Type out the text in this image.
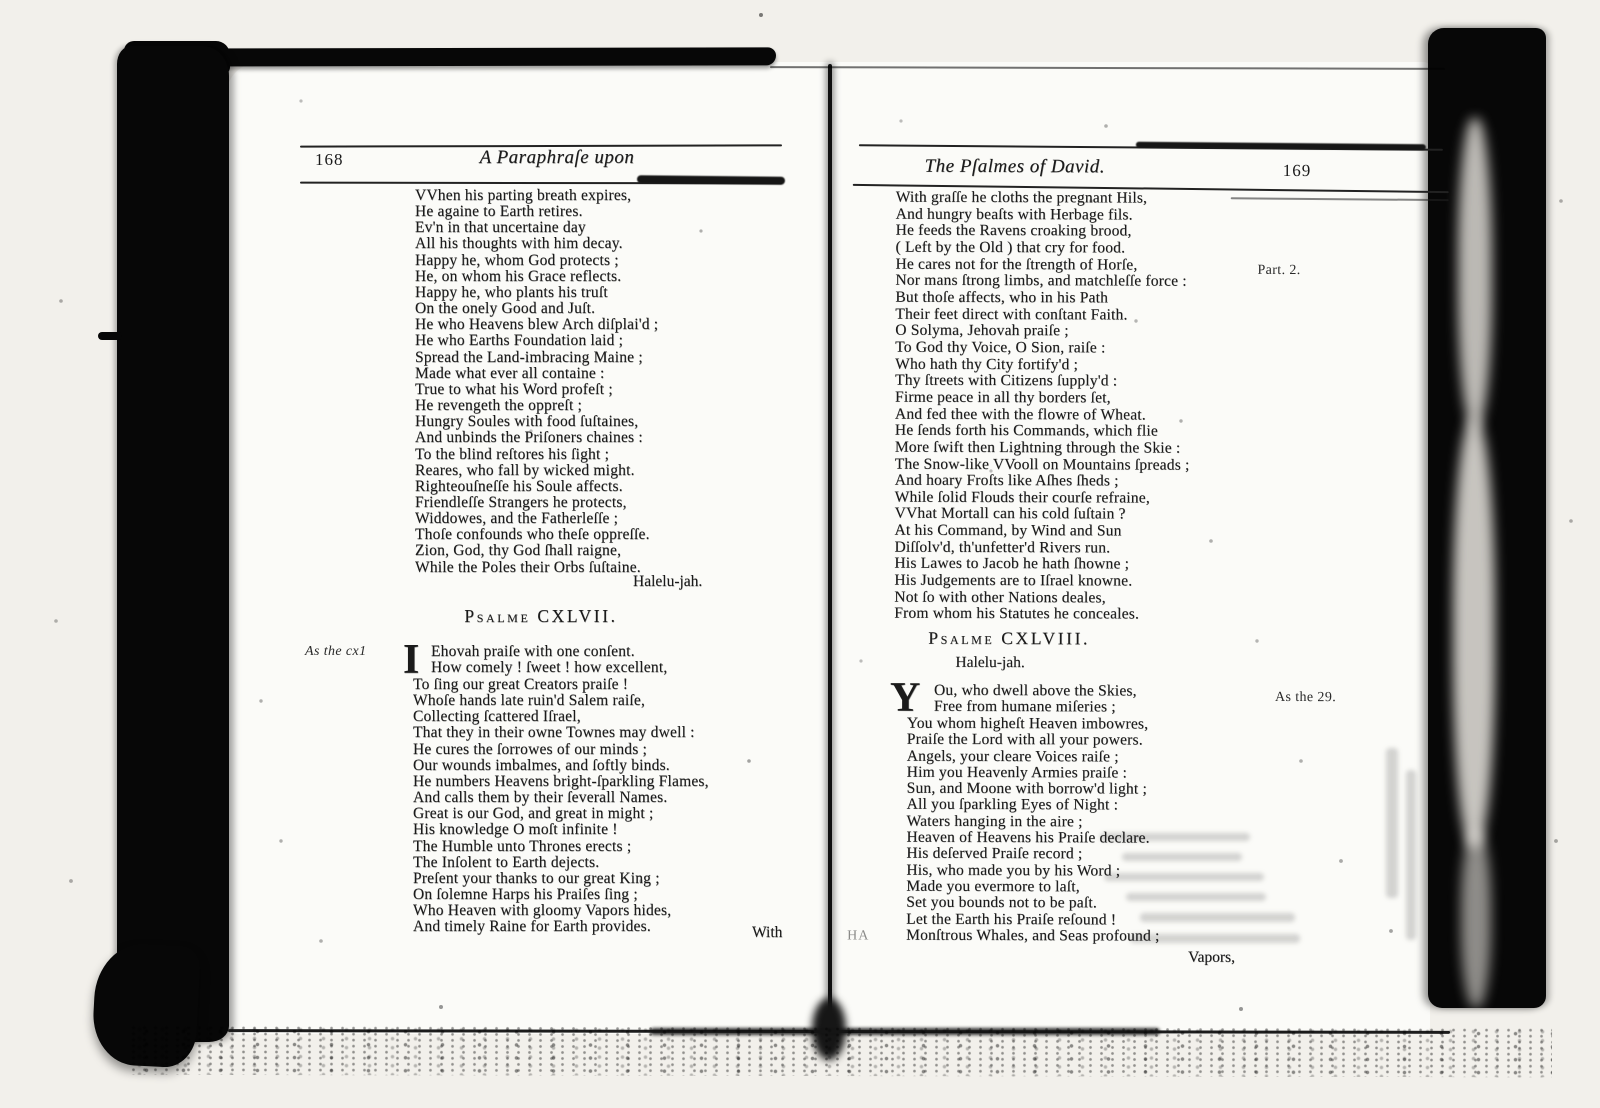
168	A Paraphraſe upon
VVhen his parting breath expires,
He againe to Earth retires.
Ev'n in that uncertaine day
All his thoughts with him decay.
Happy he, whom God protects ;
He, on whom his Grace reflects.
Happy he, who plants his truſt
On the onely Good and Juſt.
He who Heavens blew Arch diſplai'd ;
He who Earths Foundation laid ;
Spread the Land-imbracing Maine ;
Made what ever all containe :
True to what his Word profeſt ;
He revengeth the oppreſt ;
Hungry Soules with food ſuſtaines,
And unbinds the Priſoners chaines :
To the blind reſtores his ſight ;
Reares, who fall by wicked might.
Righteouſneſſe his Soule affects.
Friendleſſe Strangers he protects,
Widdowes, and the Fatherleſſe ;
Thoſe confounds who theſe oppreſſe.
Zion, God, thy God ſhall raigne,
While the Poles their Orbs ſuſtaine.
Halelu-jah.
Psalme CXLVII.
As the cx1 I Ehovah praiſe with one conſent.
How comely ! ſweet ! how excellent,
To ſing our great Creators praiſe !
Whoſe hands late ruin'd Salem raiſe,
Collecting ſcattered Iſrael,
That they in their owne Townes may dwell :
He cures the ſorrowes of our minds ;
Our wounds imbalmes, and ſoftly binds.
He numbers Heavens bright-ſparkling Flames,
And calls them by their ſeverall Names.
Great is our God, and great in might ;
His knowledge O moſt infinite !
The Humble unto Thrones erects ;
The Inſolent to Earth dejects.
Preſent your thanks to our great King ;
On ſolemne Harps his Praiſes ſing ;
Who Heaven with gloomy Vapors hides,
And timely Raine for Earth provides.	With
The Pſalmes of David.	169
With graſſe he cloths the pregnant Hils,
And hungry beaſts with Herbage fils.
He feeds the Ravens croaking brood,
( Left by the Old ) that cry for food.
He cares not for the ſtrength of Horſe,
Nor mans ſtrong limbs, and matchleſſe force :
But thoſe affects, who in his Path
Their feet direct with conſtant Faith.
O Solyma, Jehovah praiſe ;
To God thy Voice, O Sion, raiſe :
Who hath thy City fortify'd ;
Thy ſtreets with Citizens ſupply'd :
Firme peace in all thy borders ſet,
And fed thee with the flowre of Wheat.
He ſends forth his Commands, which flie
More ſwift then Lightning through the Skie :
The Snow-like VVooll on Mountains ſpreads ;
And hoary Froſts like Aſhes ſheds ;
While ſolid Flouds their courſe refraine,
VVhat Mortall can his cold ſuſtain ?
At his Command, by Wind and Sun
Diſſolv'd, th'unfetter'd Rivers run.
His Lawes to Jacob he hath ſhowne ;
His Judgements are to Iſrael knowne.
Not ſo with other Nations deales,
From whom his Statutes he conceales.
Part. 2.
Psalme CXLVIII.
Halelu-jah.
Y Ou, who dwell above the Skies,
Free from humane miſeries ;
You whom higheſt Heaven imbowres,
Praiſe the Lord with all your powers.
Angels, your cleare Voices raiſe ;
Him you Heavenly Armies praiſe :
Sun, and Moone with borrow'd light ;
All you ſparkling Eyes of Night :
Waters hanging in the aire ;
Heaven of Heavens his Praiſe declare.
His deſerved Praiſe record ;
His, who made you by his Word ;
Made you evermore to laſt,
Set you bounds not to be paſt.
Let the Earth his Praiſe reſound !
Monſtrous Whales, and Seas profound ;
As the 29.
HA
Vapors,
